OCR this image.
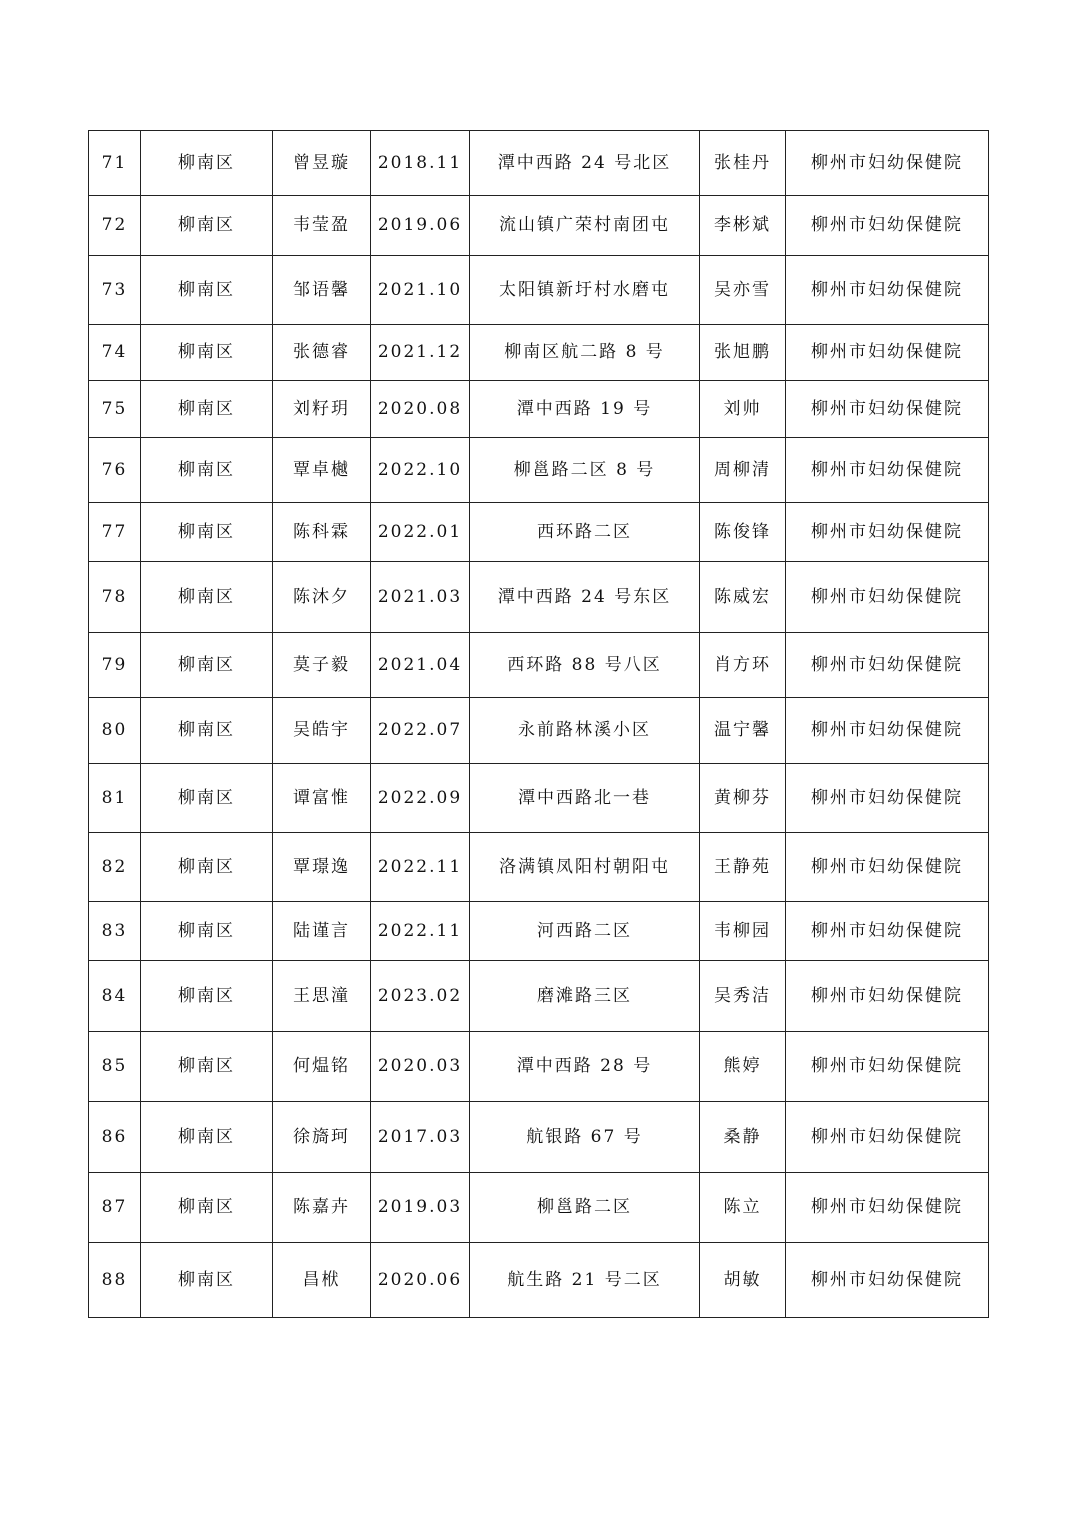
71	柳南区	曾昱璇	2018.11	潭中西路 24 号北区	张桂丹	柳州市妇幼保健院
72	柳南区	韦莹盈	2019.06	流山镇广荣村南团屯	李彬斌	柳州市妇幼保健院
73	柳南区	邹语馨	2021.10	太阳镇新圩村水磨屯	吴亦雪	柳州市妇幼保健院
74	柳南区	张德睿	2021.12	柳南区航二路 8 号	张旭鹏	柳州市妇幼保健院
75	柳南区	刘籽玥	2020.08	潭中西路 19 号	刘帅	柳州市妇幼保健院
76	柳南区	覃卓樾	2022.10	柳邕路二区 8 号	周柳清	柳州市妇幼保健院
77	柳南区	陈科霖	2022.01	西环路二区	陈俊锋	柳州市妇幼保健院
78	柳南区	陈沐夕	2021.03	潭中西路 24 号东区	陈威宏	柳州市妇幼保健院
79	柳南区	莫子毅	2021.04	西环路 88 号八区	肖方环	柳州市妇幼保健院
80	柳南区	吴皓宇	2022.07	永前路林溪小区	温宁馨	柳州市妇幼保健院
81	柳南区	谭富惟	2022.09	潭中西路北一巷	黄柳芬	柳州市妇幼保健院
82	柳南区	覃璟逸	2022.11	洛满镇凤阳村朝阳屯	王静苑	柳州市妇幼保健院
83	柳南区	陆谨言	2022.11	河西路二区	韦柳园	柳州市妇幼保健院
84	柳南区	王思潼	2023.02	磨滩路三区	吴秀洁	柳州市妇幼保健院
85	柳南区	何煴铭	2020.03	潭中西路 28 号	熊婷	柳州市妇幼保健院
86	柳南区	徐旖珂	2017.03	航银路 67 号	桑静	柳州市妇幼保健院
87	柳南区	陈嘉卉	2019.03	柳邕路二区	陈立	柳州市妇幼保健院
88	柳南区	昌栿	2020.06	航生路 21 号二区	胡敏	柳州市妇幼保健院
